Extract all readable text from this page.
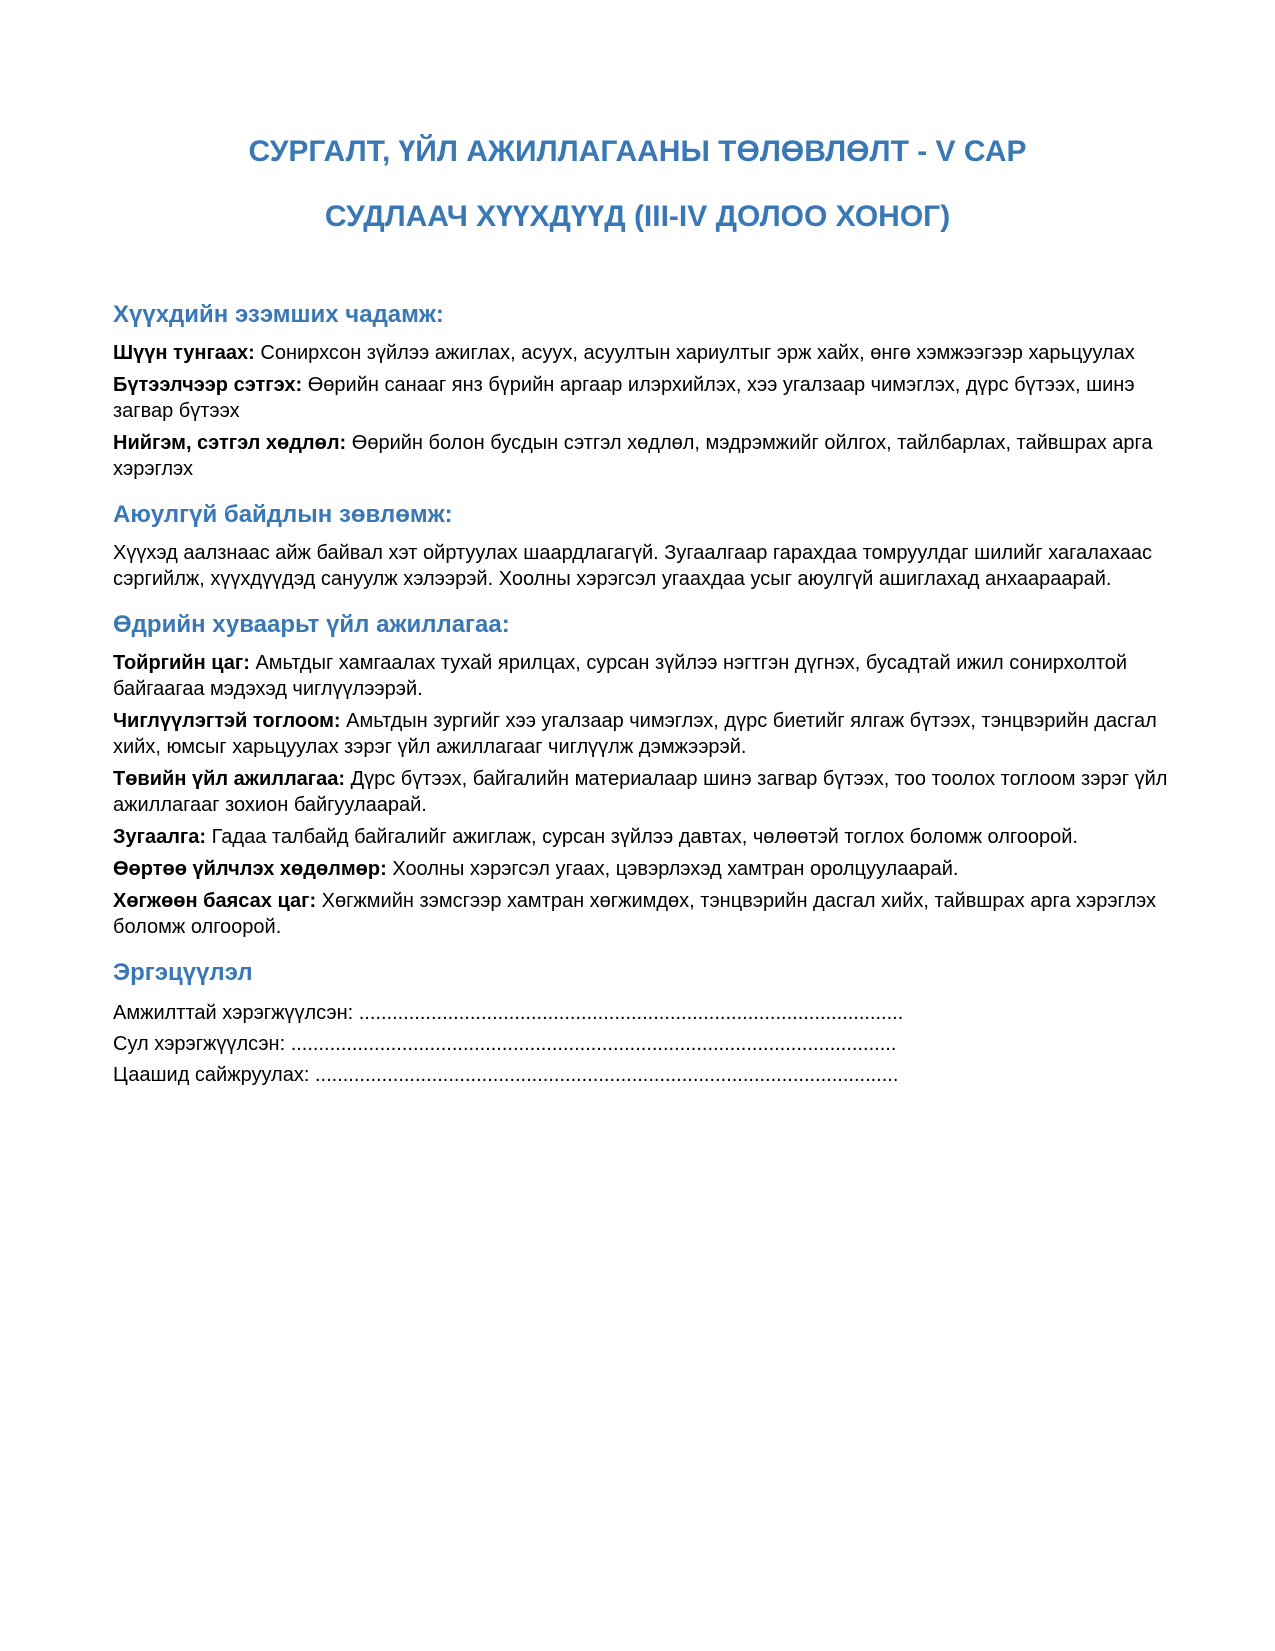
СУРГАЛТ, ҮЙЛ АЖИЛЛАГААНЫ ТӨЛӨВЛӨЛТ - V САР

СУДЛААЧ ХҮҮХДҮҮД (III-IV ДОЛОО ХОНОГ)

Хүүхдийн эзэмших чадамж:

Шүүн тунгаах: Сонирхсон зүйлээ ажиглах, асуух, асуултын хариултыг эрж хайх, өнгө хэмжээгээр харьцуулах

Бүтээлчээр сэтгэх: Өөрийн санааг янз бүрийн аргаар илэрхийлэх, хээ угалзаар чимэглэх, дүрс бүтээх, шинэ загвар бүтээх

Нийгэм, сэтгэл хөдлөл: Өөрийн болон бусдын сэтгэл хөдлөл, мэдрэмжийг ойлгох, тайлбарлах, тайвшрах арга хэрэглэх

Аюулгүй байдлын зөвлөмж:

Хүүхэд аалзнаас айж байвал хэт ойртуулах шаардлагагүй. Зугаалгаар гарахдаа томруулдаг шилийг хагалахаас сэргийлж, хүүхдүүдэд сануулж хэлээрэй. Хоолны хэрэгсэл угаахдаа усыг аюулгүй ашиглахад анхаараарай.

Өдрийн хуваарьт үйл ажиллагаа:

Тойргийн цаг: Амьтдыг хамгаалах тухай ярилцах, сурсан зүйлээ нэгтгэн дүгнэх, бусадтай ижил сонирхолтой байгаагаа мэдэхэд чиглүүлээрэй.

Чиглүүлэгтэй тоглоом: Амьтдын зургийг хээ угалзаар чимэглэх, дүрс биетийг ялгаж бүтээх, тэнцвэрийн дасгал хийх, юмсыг харьцуулах зэрэг үйл ажиллагааг чиглүүлж дэмжээрэй.

Төвийн үйл ажиллагаа: Дүрс бүтээх, байгалийн материалаар шинэ загвар бүтээх, тоо тоолох тоглоом зэрэг үйл ажиллагааг зохион байгуулаарай.

Зугаалга: Гадаа талбайд байгалийг ажиглаж, сурсан зүйлээ давтах, чөлөөтэй тоглох боломж олгоорой.

Өөртөө үйлчлэх хөдөлмөр: Хоолны хэрэгсэл угаах, цэвэрлэхэд хамтран оролцуулаарай.

Хөгжөөн баясах цаг: Хөгжмийн зэмсгээр хамтран хөгжимдөх, тэнцвэрийн дасгал хийх, тайвшрах арга хэрэглэх боломж олгоорой.

Эргэцүүлэл

Амжилттай хэрэгжүүлсэн: ..................................................................................................

Сул хэрэгжүүлсэн: .............................................................................................................

Цаашид сайжруулах: .........................................................................................................
